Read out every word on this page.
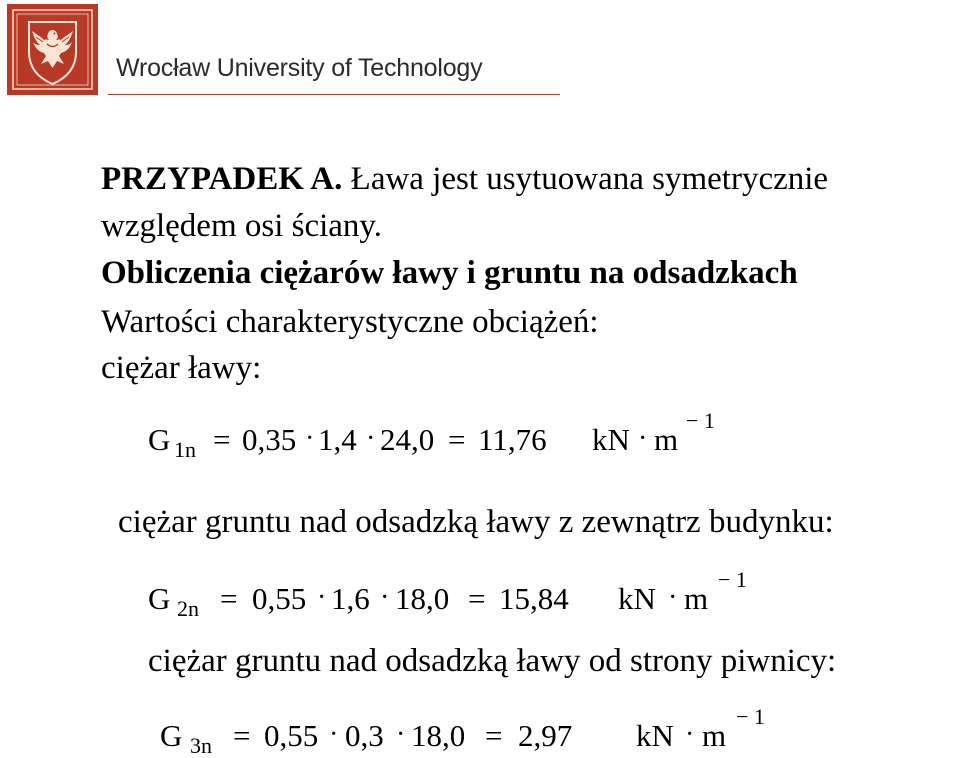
Wrocław University of Technology
PRZYPADEK A. Ława jest usytuowana symetrycznie
względem osi ściany.
Obliczenia ciężarów ławy i gruntu na odsadzkach
Wartości charakterystyczne obciążeń:
ciężar ławy:
G 1n = 0,35 · 1,4 · 24,0 = 11,76 kN · m
− 1
ciężar gruntu nad odsadzką ławy z zewnątrz budynku:
G 2n = 0,55 · 1,6 · 18,0 = 15,84 kN · m
− 1
ciężar gruntu nad odsadzką ławy od strony piwnicy:
G 3n = 0,55 · 0,3 · 18,0 = 2,97 kN · m
− 1
